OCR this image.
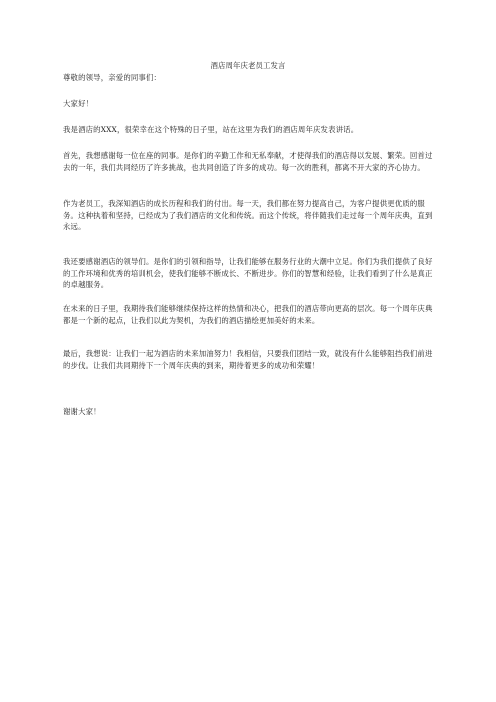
酒店周年庆老员工发言

尊敬的领导，亲爱的同事们：

大家好！

我是酒店的XXX，很荣幸在这个特殊的日子里，站在这里为我们的酒店周年庆发表讲话。

首先，我想感谢每一位在座的同事。是你们的辛勤工作和无私奉献，才使得我们的酒店得以发展、繁荣。回首过去的一年，我们共同经历了许多挑战，也共同创造了许多的成功。每一次的胜利，都离不开大家的齐心协力。

作为老员工，我深知酒店的成长历程和我们的付出。每一天，我们都在努力提高自己，为客户提供更优质的服务。这种执着和坚持，已经成为了我们酒店的文化和传统。而这个传统，将伴随我们走过每一个周年庆典，直到永远。

我还要感谢酒店的领导们。是你们的引领和指导，让我们能够在服务行业的大潮中立足。你们为我们提供了良好的工作环境和优秀的培训机会，使我们能够不断成长、不断进步。你们的智慧和经验，让我们看到了什么是真正的卓越服务。

在未来的日子里，我期待我们能够继续保持这样的热情和决心，把我们的酒店带向更高的层次。每一个周年庆典都是一个新的起点，让我们以此为契机，为我们的酒店描绘更加美好的未来。

最后，我想说：让我们一起为酒店的未来加油努力！我相信，只要我们团结一致，就没有什么能够阻挡我们前进的步伐。让我们共同期待下一个周年庆典的到来，期待着更多的成功和荣耀！

谢谢大家！
